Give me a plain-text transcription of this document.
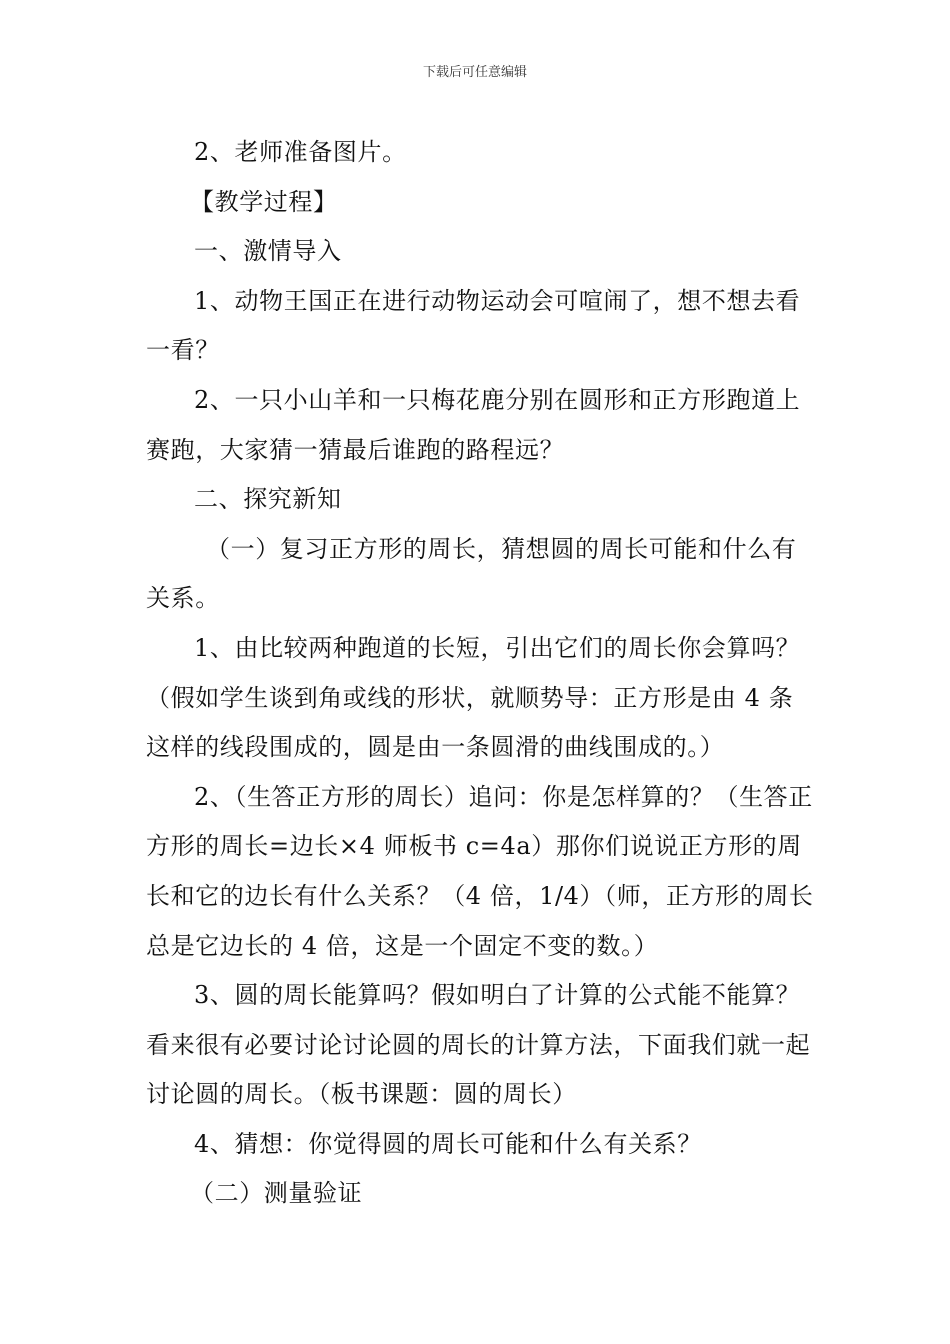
下载后可任意编辑

2、老师准备图片。

【教学过程】

一、激情导入

1、动物王国正在进行动物运动会可喧闹了，想不想去看一看？

2、一只小山羊和一只梅花鹿分别在圆形和正方形跑道上赛跑，大家猜一猜最后谁跑的路程远？

二、探究新知

（一）复习正方形的周长，猜想圆的周长可能和什么有关系。

1、由比较两种跑道的长短，引出它们的周长你会算吗？（假如学生谈到角或线的形状，就顺势导：正方形是由 4 条这样的线段围成的，圆是由一条圆滑的曲线围成的。）

2、（生答正方形的周长）追问：你是怎样算的？（生答正方形的周长=边长×4 师板书 c=4a）那你们说说正方形的周长和它的边长有什么关系？（4 倍，1/4）（师，正方形的周长总是它边长的 4 倍，这是一个固定不变的数。）

3、圆的周长能算吗？假如明白了计算的公式能不能算？看来很有必要讨论讨论圆的周长的计算方法，下面我们就一起讨论圆的周长。（板书课题：圆的周长）

4、猜想：你觉得圆的周长可能和什么有关系？

（二）测量验证
